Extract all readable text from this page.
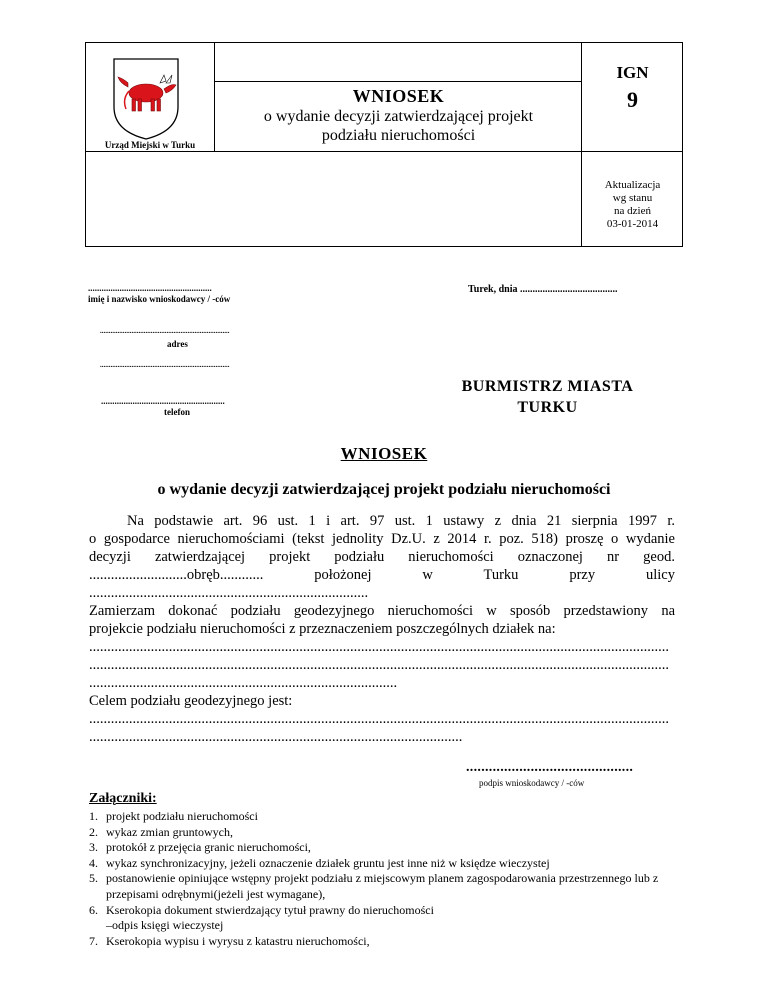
Urząd Miejski w Turku
WNIOSEK
o wydanie decyzji zatwierdzającej projekt
podziału nieruchomości
IGN
9
Aktualizacja
wg stanu
na dzień
03-01-2014
.......................................................
imię i nazwisko wnioskodawcy / -ców
Turek, dnia .......................................
..........................................................................
adres
..........................................................................
.......................................................
telefon
BURMISTRZ MIASTA
TURKU
WNIOSEK
o wydanie decyzji zatwierdzającej projekt podziału nieruchomości
Na podstawie art. 96 ust. 1 i art. 97 ust. 1 ustawy z dnia 21 sierpnia 1997 r.
o gospodarce nieruchomościami (tekst jednolity Dz.U. z 2014 r. poz. 518) proszę o wydanie
decyzji zatwierdzającej projekt podziału nieruchomości oznaczonej nr geod.
...........................obręb............ położonej w Turku przy ulicy
.............................................................................
Zamierzam dokonać podziału geodezyjnego nieruchomości w sposób przedstawiony na
projekcie podziału nieruchomości z przeznaczeniem poszczególnych działek na:
................................................................................................................................................................
................................................................................................................................................................
.....................................................................................
Celem podziału geodezyjnego jest:
................................................................................................................................................................
.......................................................................................................
............................................
podpis wnioskodawcy / -ców
Załączniki:
1. projekt podziału nieruchomości
2. wykaz zmian gruntowych,
3. protokół z przejęcia granic nieruchomości,
4. wykaz synchronizacyjny, jeżeli oznaczenie działek gruntu jest inne niż w księdze wieczystej
5. postanowienie opiniujące wstępny projekt podziału z miejscowym planem zagospodarowania przestrzennego lub z przepisami odrębnymi(jeżeli jest wymagane),
6. Kserokopia dokument stwierdzający tytuł prawny do nieruchomości
–odpis księgi wieczystej
7. Kserokopia wypisu i wyrysu z katastru nieruchomości,
